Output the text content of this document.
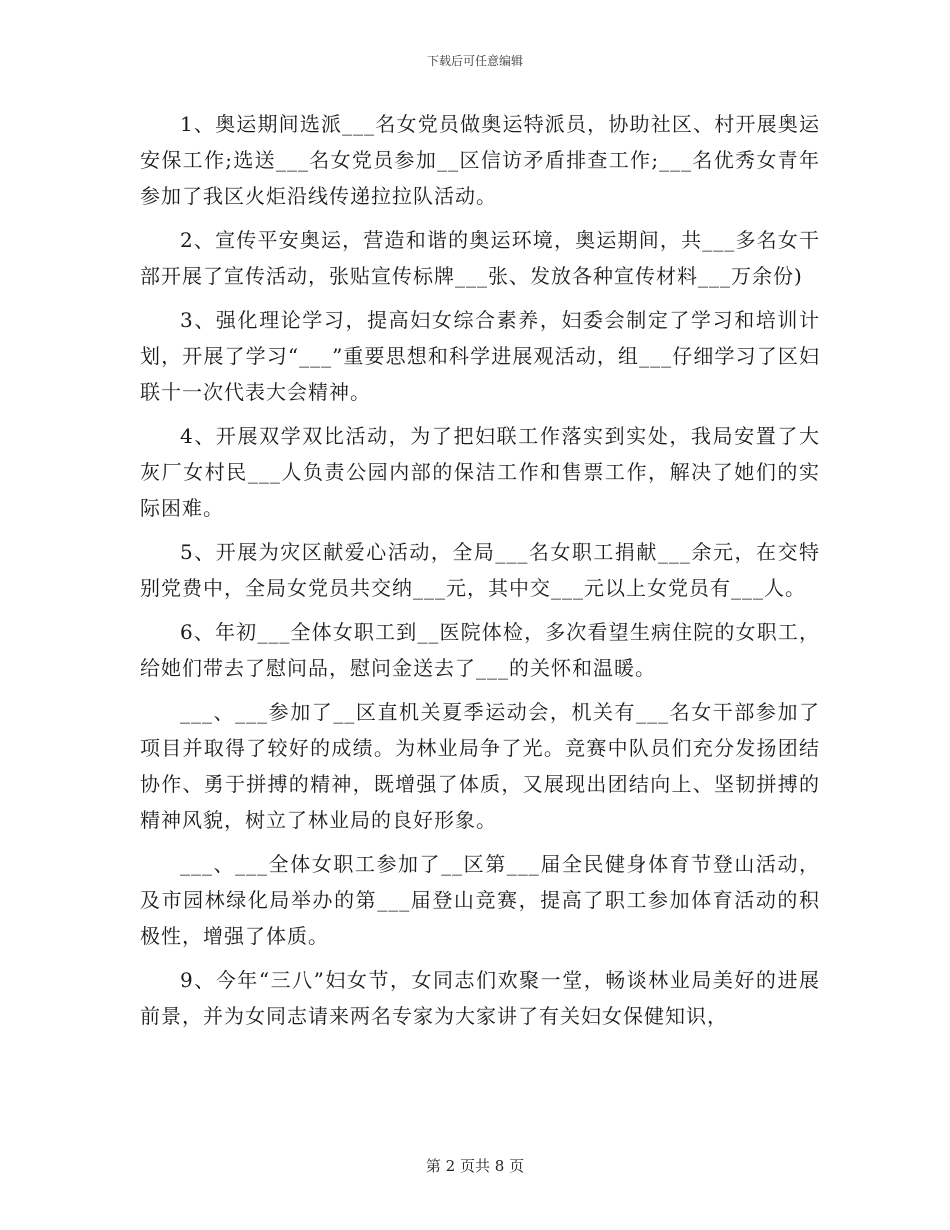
下载后可任意编辑

1、奥运期间选派___名女党员做奥运特派员，协助社区、村开展奥运安保工作;选送___名女党员参加__区信访矛盾排查工作;___名优秀女青年参加了我区火炬沿线传递拉拉队活动。

2、宣传平安奥运，营造和谐的奥运环境，奥运期间，共___多名女干部开展了宣传活动，张贴宣传标牌___张、发放各种宣传材料___万余份)

3、强化理论学习，提高妇女综合素养，妇委会制定了学习和培训计划，开展了学习“___”重要思想和科学进展观活动，组___仔细学习了区妇联十一次代表大会精神。

4、开展双学双比活动，为了把妇联工作落实到实处，我局安置了大灰厂女村民___人负责公园内部的保洁工作和售票工作，解决了她们的实际困难。

5、开展为灾区献爱心活动，全局___名女职工捐献___余元，在交特别党费中，全局女党员共交纳___元，其中交___元以上女党员有___人。

6、年初___全体女职工到__医院体检，多次看望生病住院的女职工，给她们带去了慰问品，慰问金送去了___的关怀和温暖。

___、___参加了__区直机关夏季运动会，机关有___名女干部参加了项目并取得了较好的成绩。为林业局争了光。竞赛中队员们充分发扬团结协作、勇于拼搏的精神，既增强了体质，又展现出团结向上、坚韧拼搏的精神风貌，树立了林业局的良好形象。

___、___全体女职工参加了__区第___届全民健身体育节登山活动，及市园林绿化局举办的第___届登山竞赛，提高了职工参加体育活动的积极性，增强了体质。

9、今年“三八”妇女节，女同志们欢聚一堂，畅谈林业局美好的进展前景，并为女同志请来两名专家为大家讲了有关妇女保健知识，

第 2 页共 8 页
